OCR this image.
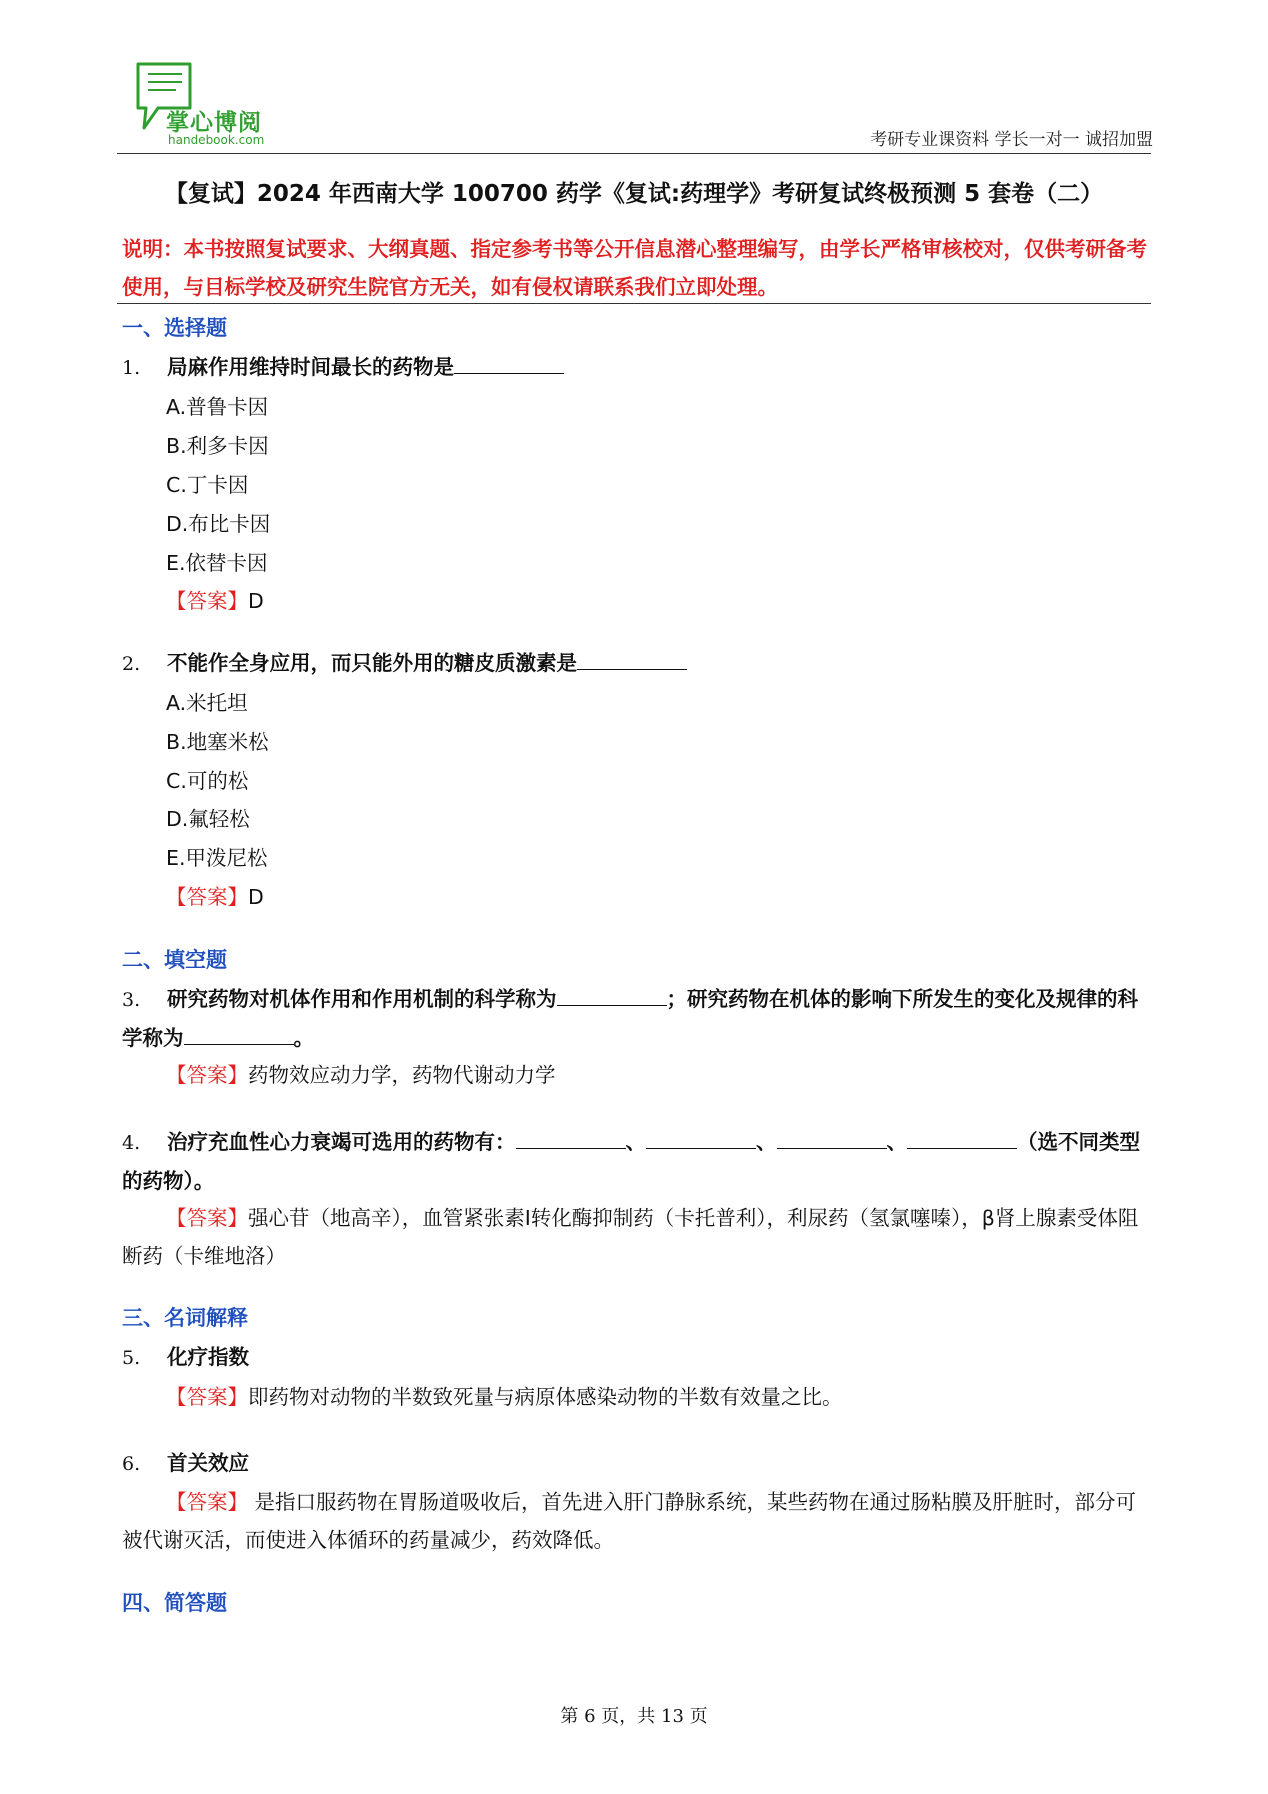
掌心博阅
handebook.com	考研专业课资料 学长一对一 诚招加盟
【复试】2024 年西南大学 100700 药学《复试:药理学》考研复试终极预测 5 套卷（二）
说明：本书按照复试要求、大纲真题、指定参考书等公开信息潜心整理编写，由学长严格审核校对，仅供考研备考使用，与目标学校及研究生院官方无关，如有侵权请联系我们立即处理。
一、选择题
1. 局麻作用维持时间最长的药物是
A.普鲁卡因
B.利多卡因
C.丁卡因
D.布比卡因
E.依替卡因
【答案】D
2. 不能作全身应用，而只能外用的糖皮质激素是
A.米托坦
B.地塞米松
C.可的松
D.氟轻松
E.甲泼尼松
【答案】D
二、填空题
3. 研究药物对机体作用和作用机制的科学称为	；研究药物在机体的影响下所发生的变化及规律的科学称为	。
【答案】药物效应动力学，药物代谢动力学
4. 治疗充血性心力衰竭可选用的药物有：	、	、	、	（选不同类型的药物）。
【答案】强心苷（地高辛），血管紧张素Ⅰ转化酶抑制药（卡托普利），利尿药（氢氯噻嗪），β肾上腺素受体阻断药（卡维地洛）
三、名词解释
5. 化疗指数
【答案】即药物对动物的半数致死量与病原体感染动物的半数有效量之比。
6. 首关效应
【答案】 是指口服药物在胃肠道吸收后，首先进入肝门静脉系统，某些药物在通过肠粘膜及肝脏时，部分可被代谢灭活，而使进入体循环的药量减少，药效降低。
四、简答题
第 6 页，共 13 页
